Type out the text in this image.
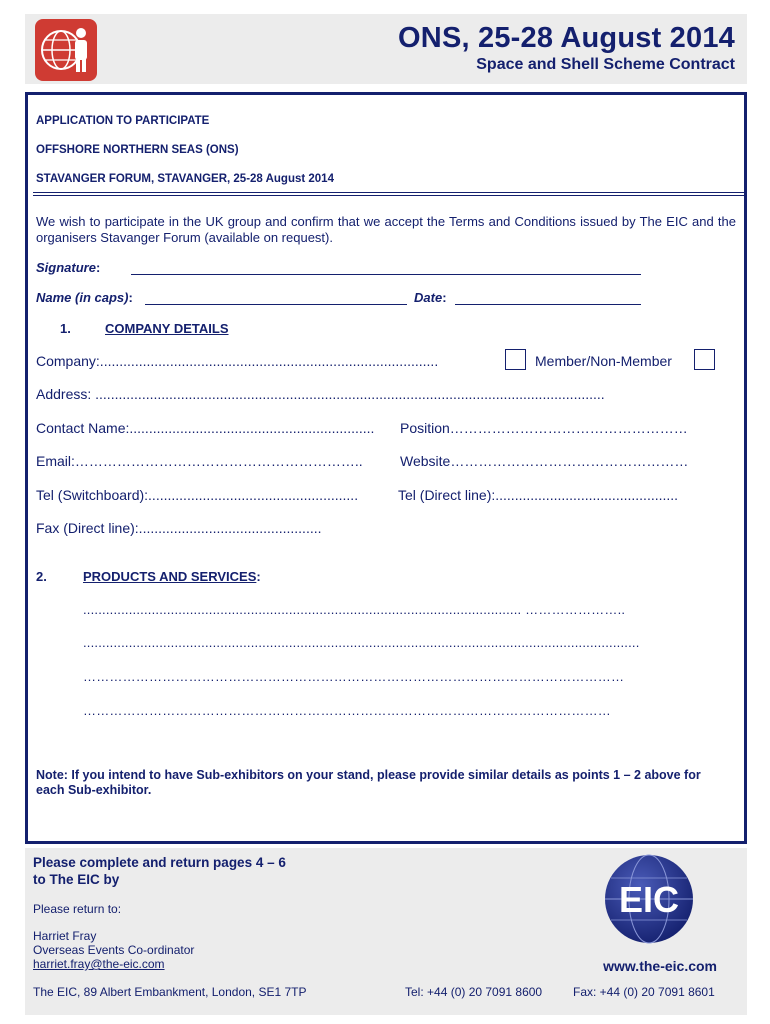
ONS, 25-28 August 2014
Space and Shell Scheme Contract
APPLICATION TO PARTICIPATE
OFFSHORE NORTHERN SEAS (ONS)
STAVANGER FORUM, STAVANGER, 25-28 August 2014
We wish to participate in the UK group and confirm that we accept the Terms and Conditions issued by The EIC and the organisers Stavanger Forum (available on request).
Signature:
Name (in caps):	Date:
1.	COMPANY DETAILS
Company:.......................................................................................	Member/Non-Member
Address: ...................................................................................................................................
Contact Name:............................................................... Position……………………………………………
Email:……………………………………………………..	Website……………………………………………
Tel (Switchboard):......................................................	Tel (Direct line):...............................................
Fax (Direct line):...............................................
2.	PRODUCTS AND SERVICES:
................................................................................................................... …………………..
..................................................................................................................................................
……………………………………………………………………………………………………………
…………………………………………………………………………………………………………
Note: If you intend to have Sub-exhibitors on your stand, please provide similar details as points 1 – 2 above for each Sub-exhibitor.
Please complete and return pages 4 – 6
to The EIC by
Please return to:
Harriet Fray
Overseas Events Co-ordinator
harriet.fray@the-eic.com
EIC
www.the-eic.com
The EIC, 89 Albert Embankment, London, SE1 7TP	Tel: +44 (0) 20 7091 8600	Fax: +44 (0) 20 7091 8601
